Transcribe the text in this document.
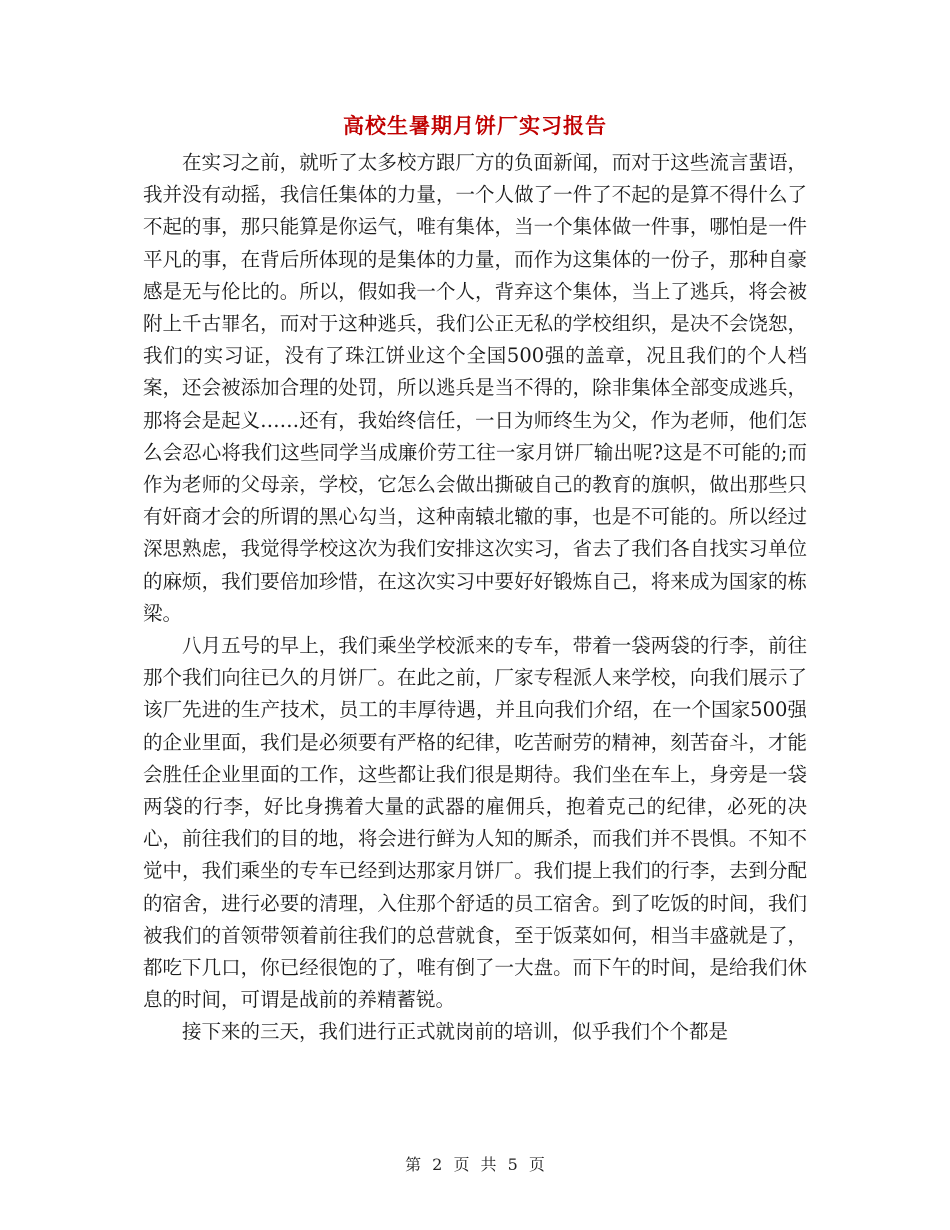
高校生暑期月饼厂实习报告

在实习之前，就听了太多校方跟厂方的负面新闻，而对于这些流言蜚语，我并没有动摇，我信任集体的力量，一个人做了一件了不起的是算不得什么了不起的事，那只能算是你运气，唯有集体，当一个集体做一件事，哪怕是一件平凡的事，在背后所体现的是集体的力量，而作为这集体的一份子，那种自豪感是无与伦比的。所以，假如我一个人，背弃这个集体，当上了逃兵，将会被附上千古罪名，而对于这种逃兵，我们公正无私的学校组织，是决不会饶恕，我们的实习证，没有了珠江饼业这个全国500强的盖章，况且我们的个人档案，还会被添加合理的处罚，所以逃兵是当不得的，除非集体全部变成逃兵，那将会是起义……还有，我始终信任，一日为师终生为父，作为老师，他们怎么会忍心将我们这些同学当成廉价劳工往一家月饼厂输出呢?这是不可能的;而作为老师的父母亲，学校，它怎么会做出撕破自己的教育的旗帜，做出那些只有奸商才会的所谓的黑心勾当，这种南辕北辙的事，也是不可能的。所以经过深思熟虑，我觉得学校这次为我们安排这次实习，省去了我们各自找实习单位的麻烦，我们要倍加珍惜，在这次实习中要好好锻炼自己，将来成为国家的栋梁。

八月五号的早上，我们乘坐学校派来的专车，带着一袋两袋的行李，前往那个我们向往已久的月饼厂。在此之前，厂家专程派人来学校，向我们展示了该厂先进的生产技术，员工的丰厚待遇，并且向我们介绍，在一个国家500强的企业里面，我们是必须要有严格的纪律，吃苦耐劳的精神，刻苦奋斗，才能会胜任企业里面的工作，这些都让我们很是期待。我们坐在车上，身旁是一袋两袋的行李，好比身携着大量的武器的雇佣兵，抱着克己的纪律，必死的决心，前往我们的目的地，将会进行鲜为人知的厮杀，而我们并不畏惧。不知不觉中，我们乘坐的专车已经到达那家月饼厂。我们提上我们的行李，去到分配的宿舍，进行必要的清理，入住那个舒适的员工宿舍。到了吃饭的时间，我们被我们的首领带领着前往我们的总营就食，至于饭菜如何，相当丰盛就是了，都吃下几口，你已经很饱的了，唯有倒了一大盘。而下午的时间，是给我们休息的时间，可谓是战前的养精蓄锐。

接下来的三天，我们进行正式就岗前的培训，似乎我们个个都是

第 2 页 共 5 页
